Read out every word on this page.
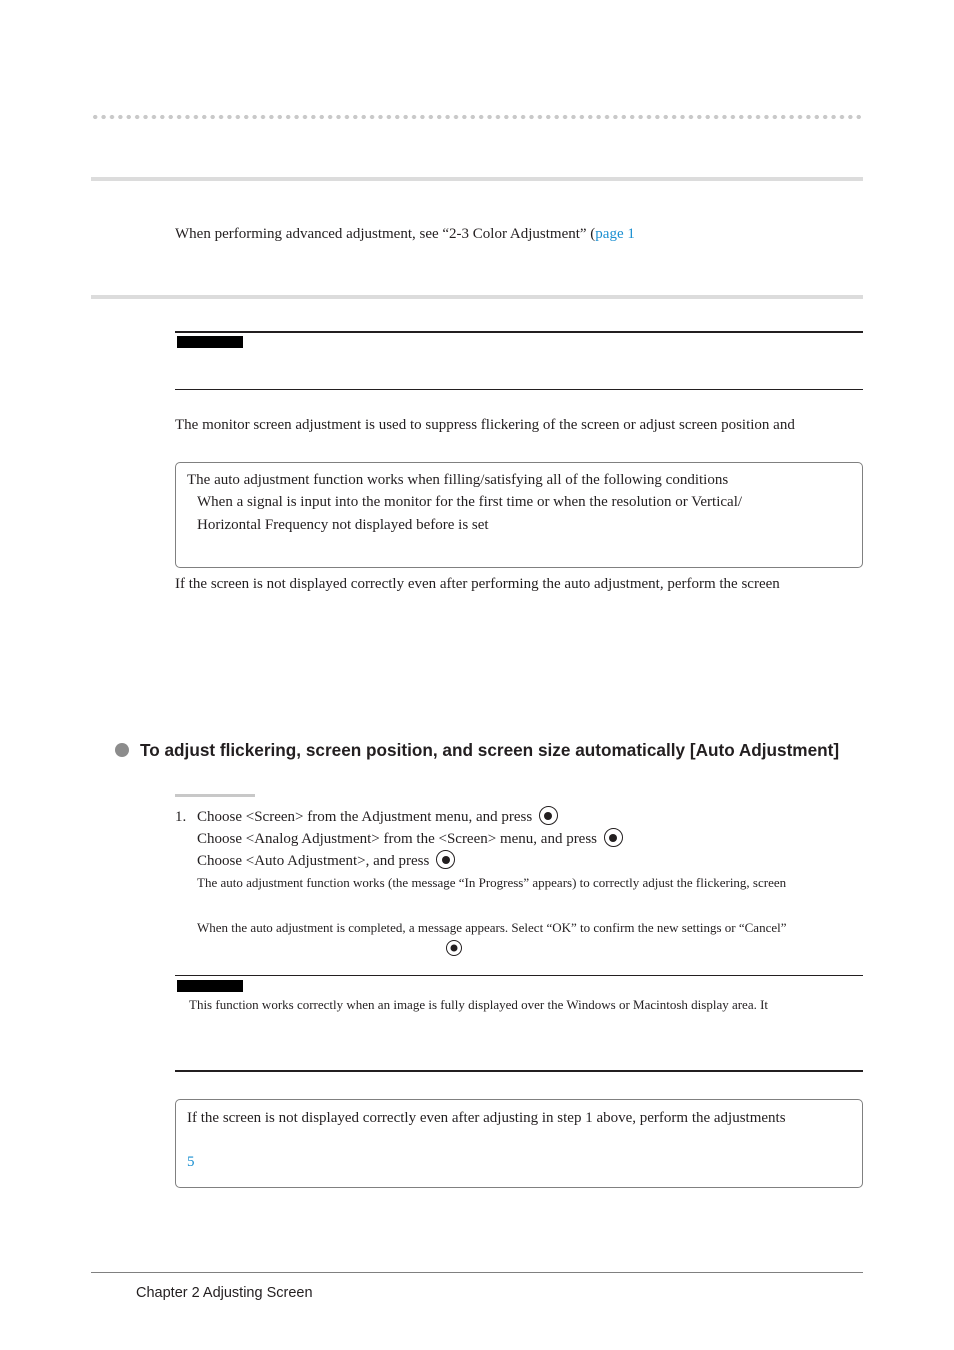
When performing advanced adjustment, see “2-3 Color Adjustment” (page 1
The monitor screen adjustment is used to suppress flickering of the screen or adjust screen position and
The auto adjustment function works when filling/satisfying all of the following conditions
When a signal is input into the monitor for the first time or when the resolution or Vertical/
Horizontal Frequency not displayed before is set
If the screen is not displayed correctly even after performing the auto adjustment, perform the screen
To adjust flickering, screen position, and screen size automatically [Auto Adjustment]
1. Choose <Screen> from the Adjustment menu, and press
Choose <Analog Adjustment> from the <Screen> menu, and press
Choose <Auto Adjustment>, and press
The auto adjustment function works (the message “In Progress” appears) to correctly adjust the flickering, screen
When the auto adjustment is completed, a message appears. Select “OK” to confirm the new settings or “Cancel”
This function works correctly when an image is fully displayed over the Windows or Macintosh display area. It
If the screen is not displayed correctly even after adjusting in step 1 above, perform the adjustments
5
Chapter 2 Adjusting Screen
